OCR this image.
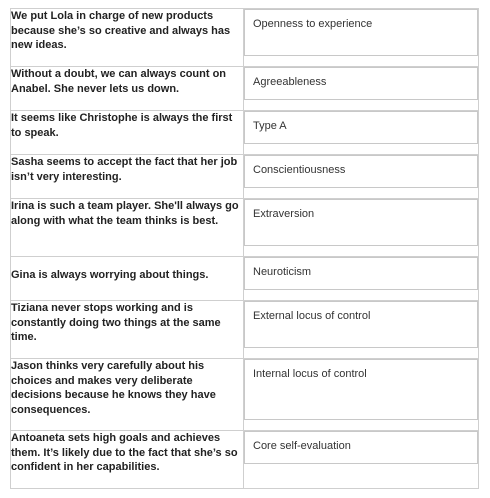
We put Lola in charge of new products because she’s so creative and always has new ideas.	Openness to experience

Without a doubt, we can always count on Anabel. She never lets us down.	Agreeableness

It seems like Christophe is always the first to speak.	Type A

Sasha seems to accept the fact that her job isn’t very interesting.	Conscientiousness

Irina is such a team player. She'll always go along with what the team thinks is best.	Extraversion

Gina is always worrying about things.	Neuroticism

Tiziana never stops working and is constantly doing two things at the same time.	External locus of control

Jason thinks very carefully about his choices and makes very deliberate decisions because he knows they have consequences.	Internal locus of control

Antoaneta sets high goals and achieves them. It’s likely due to the fact that she’s so confident in her capabilities.	Core self-evaluation
